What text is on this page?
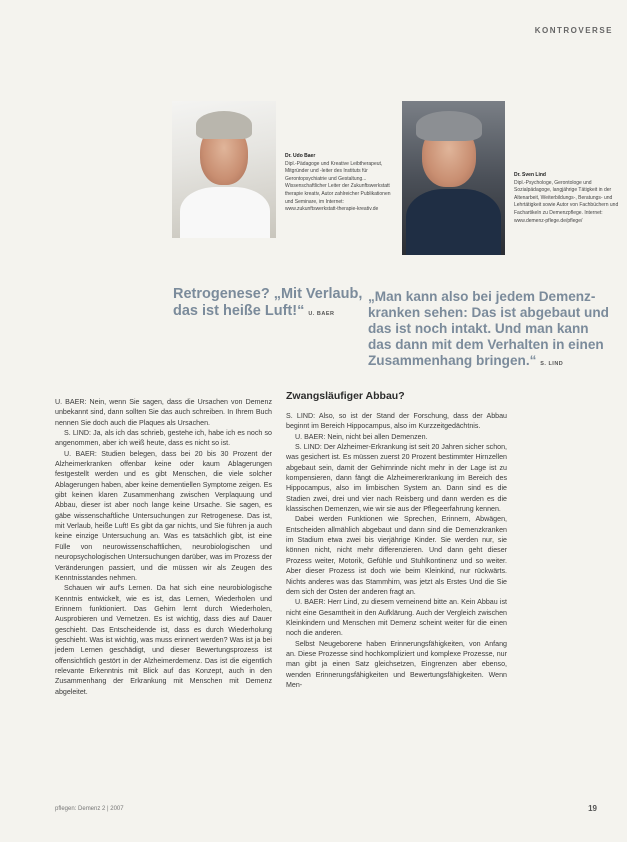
KONTROVERSE
Dr. Udo Baer
Dipl.-Pädagoge und Kreative Leibtherapeut, Mitgründer und -leiter des Instituts für Gerontopsychiatrie und Gestaltung... Wissenschaftlicher Leiter der Zukunftswerkstatt therapie kreativ, Autor zahlreicher Publikationen und Seminare, im Internet: www.zukunftswerkstatt-therapie-kreativ.de
Dr. Sven Lind
Dipl.-Psychologe, Gerontologe und Sozialpädagoge, langjährige Tätigkeit in der Altenarbeit, Weiterbildungs-, Beratungs- und Lehrtätigkeit sowie Autor von Fachbüchern und Fachartikeln zu Demenzpflege. Internet: www.demenz-pflege.de/pflege/
Retrogenese? „Mit Verlaub, das ist heiße Luft!“ U. BAER
„Man kann also bei jedem Demenz-
kranken sehen: Das ist abgebaut und
das ist noch intakt. Und man kann
das dann mit dem Verhalten in einen
Zusammenhang bringen.“ S. LIND

U. BAER: Nein, wenn Sie sagen, dass die Ursachen von Demenz unbekannt sind, dann sollten Sie das auch schreiben. In Ihrem Buch nennen Sie doch auch die Plaques als Ursachen.

S. LIND: Ja, als ich das schrieb, gestehe ich, habe ich es noch so angenommen, aber ich weiß heute, dass es nicht so ist.

U. BAER: Studien belegen, dass bei 20 bis 30 Prozent der Alzheimerkranken offenbar keine oder kaum Ablagerungen festgestellt werden und es gibt Menschen, die viele solcher Ablagerungen haben, aber keine dementiellen Symptome zeigen. Es gibt keinen klaren Zusammenhang zwischen Verplaquung und Abbau, dieser ist aber noch lange keine Ursache. Sie sagen, es gäbe wissenschaftliche Untersuchungen zur Retrogenese. Das ist, mit Verlaub, heiße Luft! Es gibt da gar nichts, und Sie führen ja auch keine einzige Untersuchung an. Was es tatsächlich gibt, ist eine Fülle von neurowissenschaftlichen, neurobiologischen und neuropsychologischen Untersuchungen darüber, was im Prozess der Veränderungen passiert, und die müssen wir als Zeugen des Kenntnisstandes nehmen.

Schauen wir auf's Lernen. Da hat sich eine neurobiologische Kenntnis entwickelt, wie es ist, das Lernen, Wiederholen und Erinnern funktioniert. Das Gehirn lernt durch Wiederholen, Ausprobieren und Vernetzen. Es ist wichtig, dass dies auf Dauer geschieht. Das Entscheidende ist, dass es durch Wiederholung geschieht. Was ist wichtig, was muss erinnert werden? Was ist ja bei jedem Lernen geschädigt, und dieser Bewertungsprozess ist offensichtlich gestört in der Alzheimerdemenz. Das ist die eigentlich relevante Erkenntnis mit Blick auf das Konzept, auch in den Zusammenhang der Erkrankung mit Menschen mit Demenz abgeleitet.

Zwangsläufiger Abbau?

S. LIND: Also, so ist der Stand der Forschung, dass der Abbau beginnt im Bereich Hippocampus, also im Kurzzeitgedächtnis.

U. BAER: Nein, nicht bei allen Demenzen.

S. LIND: Der Alzheimer-Erkrankung ist seit 20 Jahren sicher schon, was gesichert ist. Es müssen zuerst 20 Prozent bestimmter Hirnzellen abgebaut sein, damit der Gehirnrinde nicht mehr in der Lage ist zu kompensieren, dann fängt die Alzheimererkrankung im Bereich des Hippocampus, also im limbischen System an. Dann sind es die Stadien zwei, drei und vier nach Reisberg und dann werden es die klassischen Demenzen, wie wir sie aus der Pflegeerfahrung kennen.

Dabei werden Funktionen wie Sprechen, Erinnern, Abwägen, Entscheiden allmählich abgebaut und dann sind die Demenzkranken im Stadium etwa zwei bis vierjährige Kinder. Sie werden nur, sie können nicht, nicht mehr differenzieren. Und dann geht dieser Prozess weiter, Motorik, Gefühle und Stuhlkontinenz und so weiter. Aber dieser Prozess ist doch wie beim Kleinkind, nur rückwärts. Nichts anderes was das Stammhirn, was jetzt als Erstes Und die Sie dem sich der Osten der anderen fragt an.

U. BAER: Herr Lind, zu diesem verneinend bitte an. Kein Abbau ist nicht eine Gesamtheit in den Aufklärung. Auch der Vergleich zwischen Kleinkindern und Menschen mit Demenz scheint weiter für die einen noch die anderen.

Selbst Neugeborene haben Erinnerungsfähigkeiten, von Anfang an. Diese Prozesse sind hochkompliziert und komplexe Prozesse, nur man gibt ja einen Satz gleichsetzen, Eingrenzen aber ebenso, wenden Erinnerungsfähigkeiten und Bewertungsfähigkeiten. Wenn Men-

pflegen: Demenz 2 | 2007	19
